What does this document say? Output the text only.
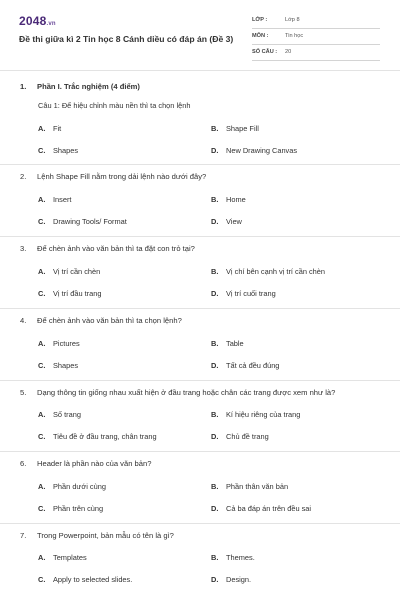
2048.vn
Đề thi giữa kì 2 Tin học 8 Cánh diều có đáp án (Đề 3)
LỚP :	Lớp 8
MÔN :	Tin học
SỐ CÂU : 20
1. Phần I. Trắc nghiệm (4 điểm)
Câu 1: Để hiệu chỉnh màu nền thì ta chọn lệnh
A. Fit	B. Shape Fill
C. Shapes	D. New Drawing Canvas
2. Lệnh Shape Fill nằm trong dải lệnh nào dưới đây?
A. Insert	B. Home
C. Drawing Tools/ Format	D. View
3. Để chèn ảnh vào văn bản thì ta đặt con trỏ tại?
A. Vị trí cần chèn	B. Vị chí bên cạnh vị trí cần chèn
C. Vị trí đầu trang	D. Vị trí cuối trang
4. Để chèn ảnh vào văn bản thì ta chọn lệnh?
A. Pictures	B. Table
C. Shapes	D. Tất cả đều đúng
5. Dạng thông tin giống nhau xuất hiện ở đầu trang hoặc chân các trang được xem như là?
A. Số trang	B. Kí hiệu riêng của trang
C. Tiêu đề ở đầu trang, chân trang	D. Chủ đề trang
6. Header là phần nào của văn bản?
A. Phần dưới cùng	B. Phần thân văn bản
C. Phần trên cùng	D. Cả ba đáp án trên đều sai
7. Trong Powerpoint, bản mẫu có tên là gì?
A. Templates	B. Themes.
C. Apply to selected slides.	D. Design.
